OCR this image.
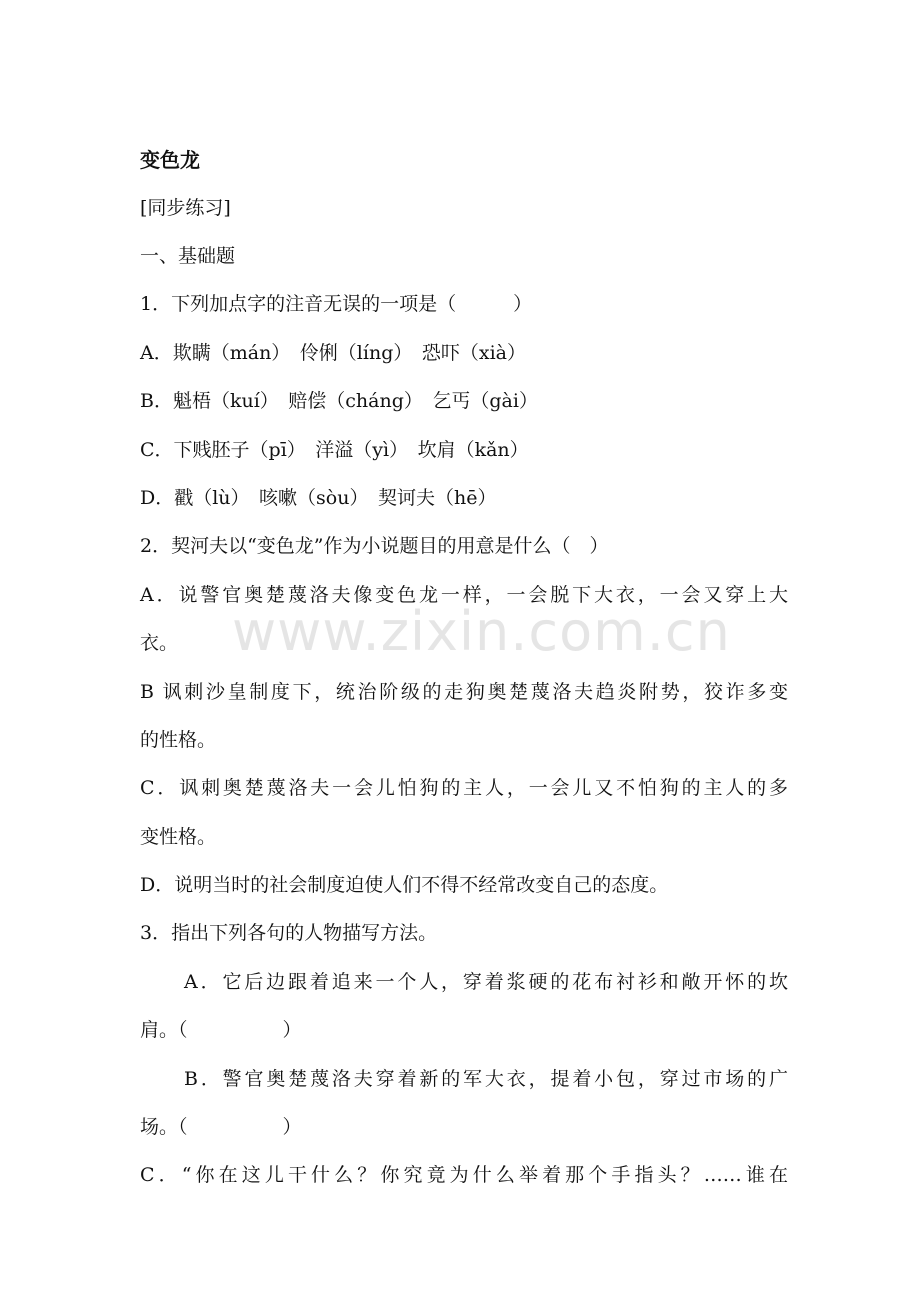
变色龙
[同步练习]
一、基础题
1．下列加点字的注音无误的一项是（　　　）
A．欺瞒（mán）　伶俐（líng）　恐吓（xià）
B．魁梧（kuí）　赔偿（cháng）　乞丐（gài）
C．下贱胚子（pī）　洋溢（yì）　坎肩（kǎn）
D．戳（lù）　咳嗽（sòu）　契诃夫（hē）
2．契河夫以“变色龙”作为小说题目的用意是什么（　）
A．说警官奥楚蔑洛夫像变色龙一样，一会脱下大衣，一会又穿上大
衣。
B 讽刺沙皇制度下，统治阶级的走狗奥楚蔑洛夫趋炎附势，狡诈多变
的性格。
C．讽刺奥楚蔑洛夫一会儿怕狗的主人，一会儿又不怕狗的主人的多
变性格。
D．说明当时的社会制度迫使人们不得不经常改变自己的态度。
3．指出下列各句的人物描写方法。
A．它后边跟着追来一个人，穿着浆硬的花布衬衫和敞开怀的坎
肩。（　　　　　）
B．警官奥楚蔑洛夫穿着新的军大衣，提着小包，穿过市场的广
场。（　　　　　）
C．“你在这儿干什么？你究竟为什么举着那个手指头？……谁在
www.zixin.com.cn
